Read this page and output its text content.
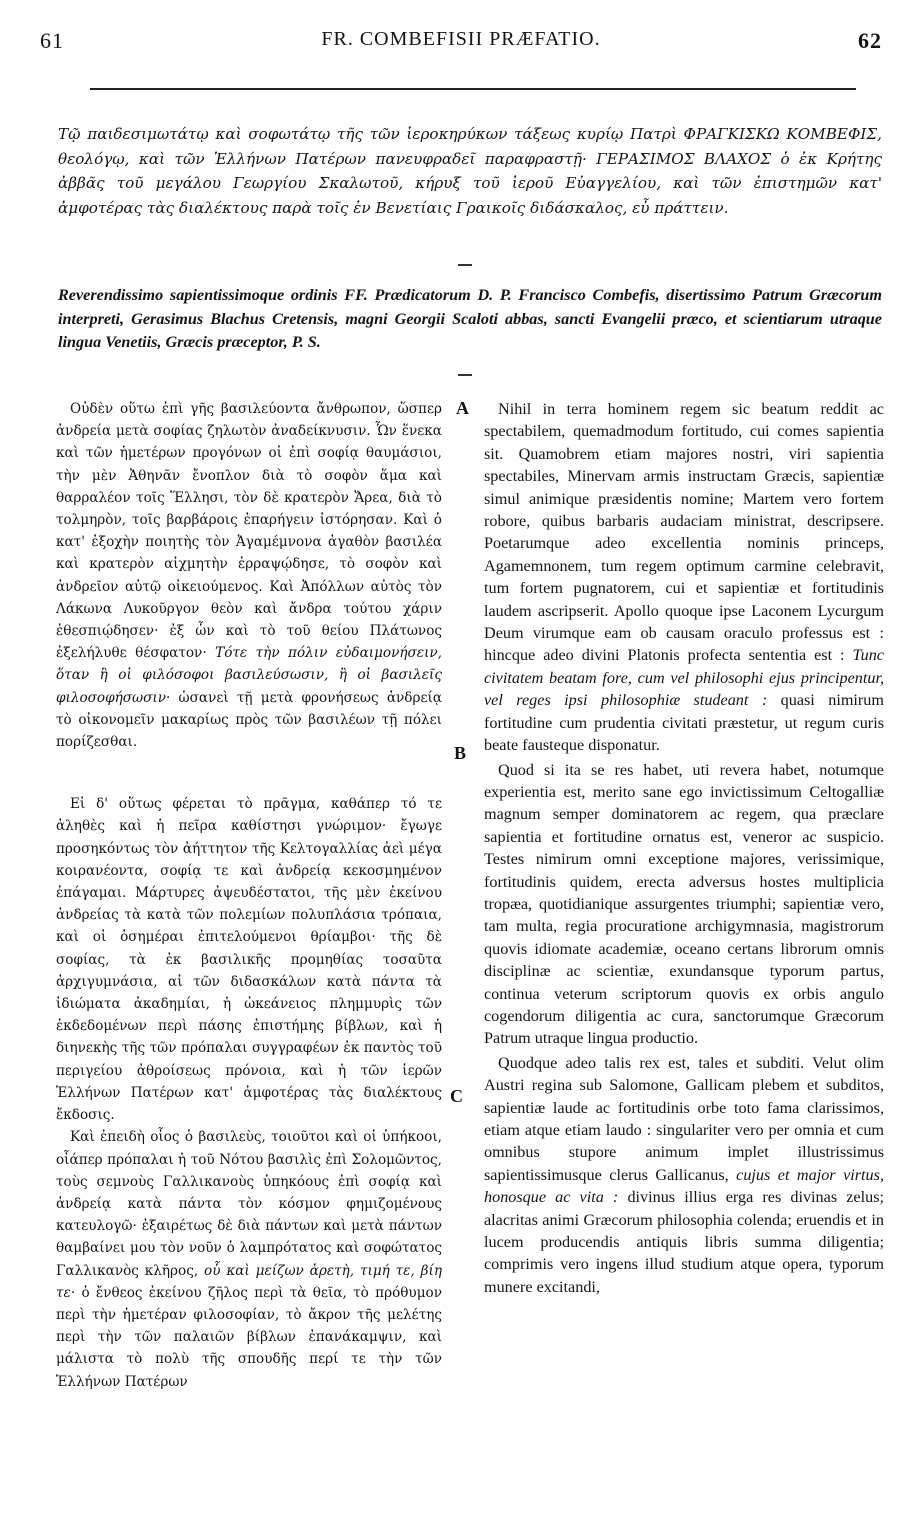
61	FR. COMBEFISII PRÆFATIO.	62

Τῷ παιδεσιμωτάτῳ καὶ σοφωτάτῳ τῆς τῶν ἱεροκηρύκων τάξεως κυρίῳ Πατρὶ ΦΡΑΓΚΙΣΚΩ ΚΟΜΒΕΦΙΣ, θεολόγῳ, καὶ τῶν Ἑλλήνων Πατέρων πανευφραδεῖ παραφραστῇ· ΓΕΡΑΣΙΜΟΣ ΒΛΑΧΟΣ ὁ ἐκ Κρήτης ἀββᾶς τοῦ μεγάλου Γεωργίου Σκαλωτοῦ, κήρυξ τοῦ ἱεροῦ Εὐαγγελίου, καὶ τῶν ἐπιστημῶν κατ' ἀμφοτέρας τὰς διαλέκτους παρὰ τοῖς ἐν Βενετίαις Γραικοῖς διδάσκαλος, εὖ πράττειν.

Reverendissimo sapientissimoque ordinis FF. Prædicatorum D. P. Francisco Combefis, disertissimo Patrum Græcorum interpreti, Gerasimus Blachus Cretensis, magni Georgii Scaloti abbas, sancti Evangelii præco, et scientiarum utraque lingua Venetiis, Græcis præceptor, P. S.

Οὐδὲν οὕτω ἐπὶ γῆς βασιλεύοντα ἄνθρωπον, ὥσπερ ἀνδρεία μετὰ σοφίας ζηλωτὸν ἀναδείκνυσιν. Ὧν ἕνεκα καὶ τῶν ἡμετέρων προγόνων οἱ ἐπὶ σοφίᾳ θαυμάσιοι, τὴν μὲν Ἀθηνᾶν ἔνοπλον διὰ τὸ σοφὸν ἅμα καὶ θαρραλέον τοῖς Ἕλλησι, τὸν δὲ κρατερὸν Ἄρεα, διὰ τὸ τολμηρὸν, τοῖς βαρβάροις ἐπαρήγειν ἱστόρησαν. Καὶ ὁ κατ' ἐξοχὴν ποιητὴς τὸν Ἀγαμέμνονα ἀγαθὸν βασιλέα καὶ κρατερὸν αἰχμητὴν ἐρραψῴδησε, τὸ σοφὸν καὶ ἀνδρεῖον αὐτῷ οἰκειούμενος. Καὶ Ἀπόλλων αὐτὸς τὸν Λάκωνα Λυκοῦργον θεὸν καὶ ἄνδρα τούτου χάριν ἐθεσπιῴδησεν· ἐξ ὧν καὶ τὸ τοῦ θείου Πλάτωνος ἐξελήλυθε θέσφατον· Τότε τὴν πόλιν εὐδαιμονήσειν, ὅταν ἢ οἱ φιλόσοφοι βασιλεύσωσιν, ἢ οἱ βασιλεῖς φιλοσοφήσωσιν· ὡσανεὶ τῇ μετὰ φρονήσεως ἀνδρείᾳ τὸ οἰκονομεῖν μακαρίως πρὸς τῶν βασιλέων τῇ πόλει πορίζεσθαι.

Εἰ δ' οὕτως φέρεται τὸ πρᾶγμα, καθάπερ τό τε ἀληθὲς καὶ ἡ πεῖρα καθίστησι γνώριμον· ἔγωγε προσηκόντως τὸν ἀήττητον τῆς Κελτογαλλίας ἀεὶ μέγα κοιρανέοντα, σοφίᾳ τε καὶ ἀνδρείᾳ κεκοσμημένον ἐπάγαμαι. Μάρτυρες ἀψευδέστατοι, τῆς μὲν ἐκείνου ἀνδρείας τὰ κατὰ τῶν πολεμίων πολυπλάσια τρόπαια, καὶ οἱ ὁσημέραι ἐπιτελούμενοι θρίαμβοι· τῆς δὲ σοφίας, τὰ ἐκ βασιλικῆς προμηθίας τοσαῦτα ἀρχιγυμνάσια, αἱ τῶν διδασκάλων κατὰ πάντα τὰ ἰδιώματα ἀκαδημίαι, ἡ ὠκεάνειος πλημμυρὶς τῶν ἐκδεδομένων περὶ πάσης ἐπιστήμης βίβλων, καὶ ἡ διηνεκὴς τῆς τῶν πρόπαλαι συγγραφέων ἐκ παντὸς τοῦ περιγείου ἀθροίσεως πρόνοια, καὶ ἡ τῶν ἱερῶν Ἑλλήνων Πατέρων κατ' ἀμφοτέρας τὰς διαλέκτους ἔκδοσις.

Καὶ ἐπειδὴ οἷος ὁ βασιλεὺς, τοιοῦτοι καὶ οἱ ὑπήκοοι, οἷάπερ πρόπαλαι ἡ τοῦ Νότου βασιλὶς ἐπὶ Σολομῶντος, τοὺς σεμνοὺς Γαλλικανοὺς ὑπηκόους ἐπὶ σοφίᾳ καὶ ἀνδρείᾳ κατὰ πάντα τὸν κόσμον φημιζομένους κατευλογῶ· ἐξαιρέτως δὲ διὰ πάντων καὶ μετὰ πάντων θαμβαίνει μου τὸν νοῦν ὁ λαμπρότατος καὶ σοφώτατος Γαλλικανὸς κλῆρος, οὗ καὶ μείζων ἀρετὴ, τιμή τε, βίη τε· ὁ ἔνθεος ἐκείνου ζῆλος περὶ τὰ θεῖα, τὸ πρόθυμον περὶ τὴν ἡμετέραν φιλοσοφίαν, τὸ ἄκρον τῆς μελέτης περὶ τὴν τῶν παλαιῶν βίβλων ἐπανάκαμψιν, καὶ μάλιστα τὸ πολὺ τῆς σπουδῆς περί τε τὴν τῶν Ἑλλήνων Πατέρων

A
B
C

Nihil in terra hominem regem sic beatum reddit ac spectabilem, quemadmodum fortitudo, cui comes sapientia sit. Quamobrem etiam majores nostri, viri sapientia spectabiles, Minervam armis instructam Græcis, sapientiæ simul animique præsidentis nomine; Martem vero fortem robore, quibus barbaris audaciam ministrat, descripsere. Poetarumque adeo excellentia nominis princeps, Agamemnonem, tum regem optimum carmine celebravit, tum fortem pugnatorem, cui et sapientiæ et fortitudinis laudem ascripserit. Apollo quoque ipse Laconem Lycurgum Deum virumque eam ob causam oraculo professus est : hincque adeo divini Platonis profecta sententia est : Tunc civitatem beatam fore, cum vel philosophi ejus principentur, vel reges ipsi philosophiæ studeant : quasi nimirum fortitudine cum prudentia civitati præstetur, ut regum curis beate fausteque disponatur.

Quod si ita se res habet, uti revera habet, notumque experientia est, merito sane ego invictissimum Celtogalliæ magnum semper dominatorem ac regem, qua præclare sapientia et fortitudine ornatus est, veneror ac suspicio. Testes nimirum omni exceptione majores, verissimique, fortitudinis quidem, erecta adversus hostes multiplicia tropæa, quotidianique assurgentes triumphi; sapientiæ vero, tam multa, regia procuratione archigymnasia, magistrorum quovis idiomate academiæ, oceano certans librorum omnis disciplinæ ac scientiæ, exundansque typorum partus, continua veterum scriptorum quovis ex orbis angulo cogendorum diligentia ac cura, sanctorumque Græcorum Patrum utraque lingua productio.

Quodque adeo talis rex est, tales et subditi. Velut olim Austri regina sub Salomone, Gallicam plebem et subditos, sapientiæ laude ac fortitudinis orbe toto fama clarissimos, etiam atque etiam laudo : singulariter vero per omnia et cum omnibus stupore animum implet illustrissimus sapientissimusque clerus Gallicanus, cujus et major virtus, honosque ac vita : divinus illius erga res divinas zelus; alacritas animi Græcorum philosophia colenda; eruendis et in lucem producendis antiquis libris summa diligentia; comprimis vero ingens illud studium atque opera, typorum munere excitandi,
